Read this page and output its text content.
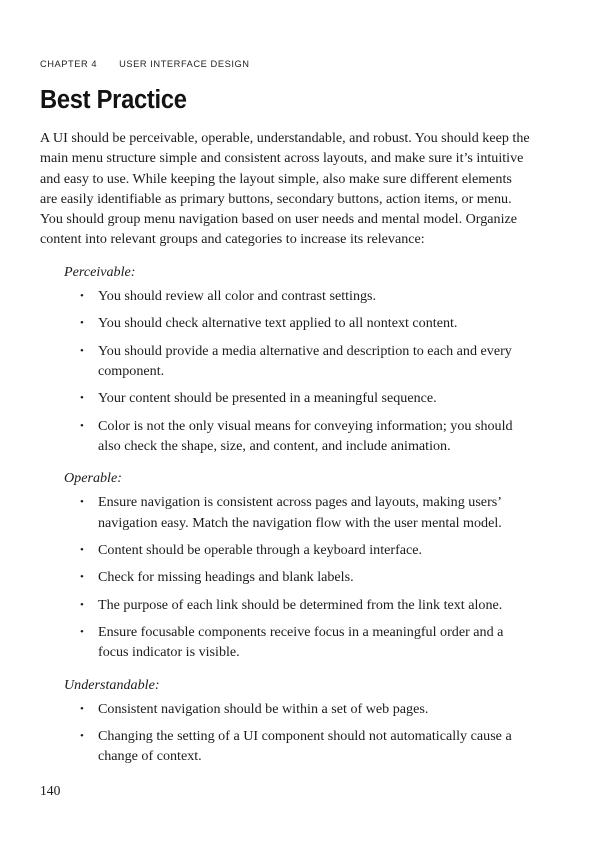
CHAPTER 4 USER INTERFACE DESIGN
Best Practice

A UI should be perceivable, operable, understandable, and robust. You should keep the main menu structure simple and consistent across layouts, and make sure it’s intuitive and easy to use. While keeping the layout simple, also make sure different elements are easily identifiable as primary buttons, secondary buttons, action items, or menu. You should group menu navigation based on user needs and mental model. Organize content into relevant groups and categories to increase its relevance:

Perceivable:
• You should review all color and contrast settings.
• You should check alternative text applied to all nontext content.
• You should provide a media alternative and description to each and every component.
• Your content should be presented in a meaningful sequence.
• Color is not the only visual means for conveying information; you should also check the shape, size, and content, and include animation.
Operable:
• Ensure navigation is consistent across pages and layouts, making users’ navigation easy. Match the navigation flow with the user mental model.
• Content should be operable through a keyboard interface.
• Check for missing headings and blank labels.
• The purpose of each link should be determined from the link text alone.
• Ensure focusable components receive focus in a meaningful order and a focus indicator is visible.
Understandable:
• Consistent navigation should be within a set of web pages.
• Changing the setting of a UI component should not automatically cause a change of context.
140
